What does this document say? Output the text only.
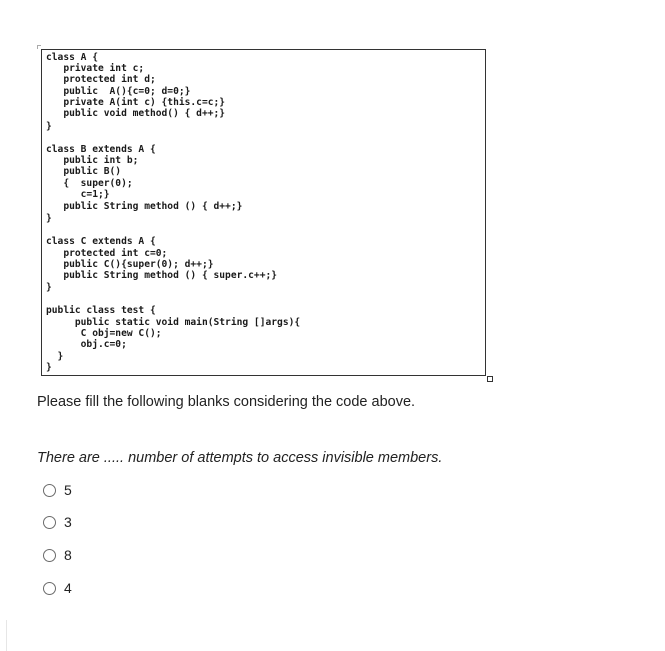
class A {
private int c;
protected int d;
public  A(){c=0; d=0;}
private A(int c) {this.c=c;}
public void method() { d++;}
}
class B extends A {
public int b;
public B()
{  super(0);
c=1;}
public String method () { d++;}
}
class C extends A {
protected int c=0;
public C(){super(0); d++;}
public String method () { super.c++;}
}
public class test {
public static void main(String []args){
C obj=new C();
obj.c=0;
}
}
Please fill the following blanks considering the code above.
There are ..... number of attempts to access invisible members.
5
3
8
4
